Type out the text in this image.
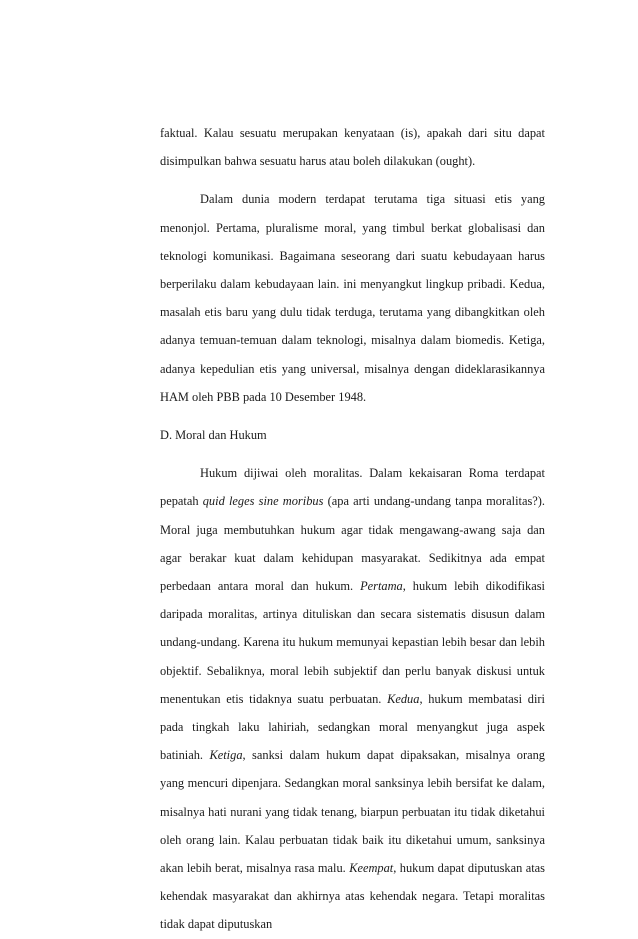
faktual. Kalau sesuatu merupakan kenyataan (is), apakah dari situ dapat disimpulkan bahwa sesuatu harus atau boleh dilakukan (ought).

Dalam dunia modern terdapat terutama tiga situasi etis yang menonjol. Pertama, pluralisme moral, yang timbul berkat globalisasi dan teknologi komunikasi. Bagaimana seseorang dari suatu kebudayaan harus berperilaku dalam kebudayaan lain. ini menyangkut lingkup pribadi. Kedua, masalah etis baru yang dulu tidak terduga, terutama yang dibangkitkan oleh adanya temuan-temuan dalam teknologi, misalnya dalam biomedis. Ketiga, adanya kepedulian etis yang universal, misalnya dengan dideklarasikannya HAM oleh PBB pada 10 Desember 1948.

D. Moral dan Hukum

Hukum dijiwai oleh moralitas. Dalam kekaisaran Roma terdapat pepatah quid leges sine moribus (apa arti undang-undang tanpa moralitas?). Moral juga membutuhkan hukum agar tidak mengawang-awang saja dan agar berakar kuat dalam kehidupan masyarakat. Sedikitnya ada empat perbedaan antara moral dan hukum. Pertama, hukum lebih dikodifikasi daripada moralitas, artinya dituliskan dan secara sistematis disusun dalam undang-undang. Karena itu hukum memunyai kepastian lebih besar dan lebih objektif. Sebaliknya, moral lebih subjektif dan perlu banyak diskusi untuk menentukan etis tidaknya suatu perbuatan. Kedua, hukum membatasi diri pada tingkah laku lahiriah, sedangkan moral menyangkut juga aspek batiniah. Ketiga, sanksi dalam hukum dapat dipaksakan, misalnya orang yang mencuri dipenjara. Sedangkan moral sanksinya lebih bersifat ke dalam, misalnya hati nurani yang tidak tenang, biarpun perbuatan itu tidak diketahui oleh orang lain. Kalau perbuatan tidak baik itu diketahui umum, sanksinya akan lebih berat, misalnya rasa malu. Keempat, hukum dapat diputuskan atas kehendak masyarakat dan akhirnya atas kehendak negara. Tetapi moralitas tidak dapat diputuskan
